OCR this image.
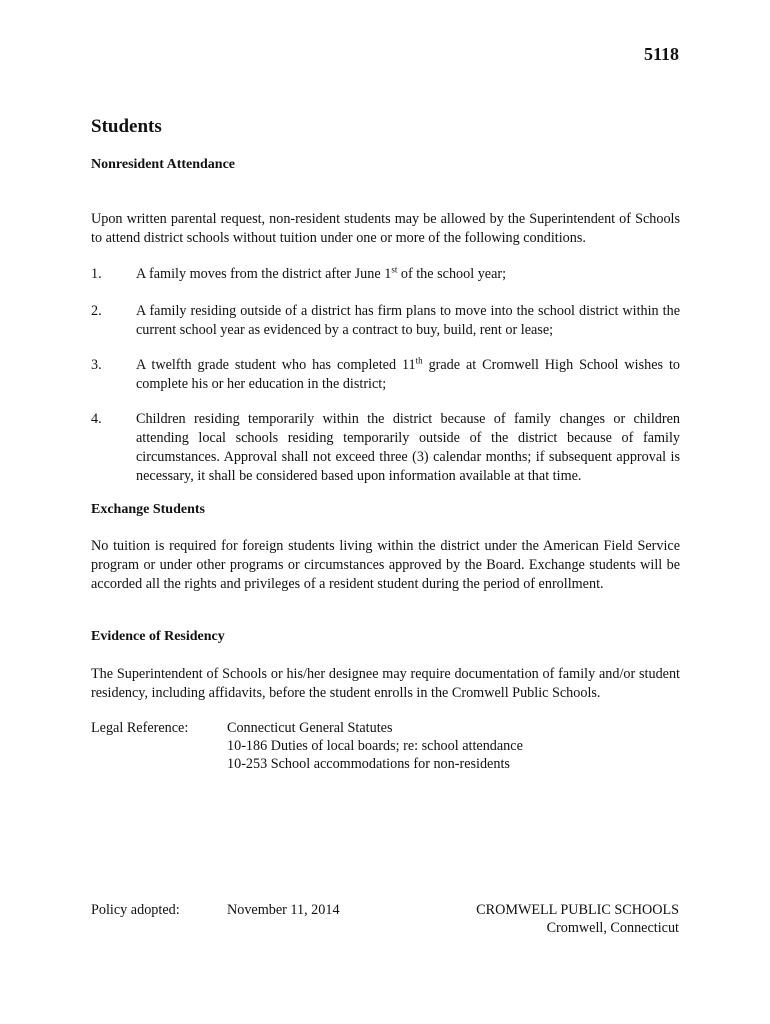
5118
Students
Nonresident Attendance
Upon written parental request, non-resident students may be allowed by the Superintendent of Schools to attend district schools without tuition under one or more of the following conditions.
1. A family moves from the district after June 1st of the school year;
2. A family residing outside of a district has firm plans to move into the school district within the current school year as evidenced by a contract to buy, build, rent or lease;
3. A twelfth grade student who has completed 11th grade at Cromwell High School wishes to complete his or her education in the district;
4. Children residing temporarily within the district because of family changes or children attending local schools residing temporarily outside of the district because of family circumstances. Approval shall not exceed three (3) calendar months; if subsequent approval is necessary, it shall be considered based upon information available at that time.
Exchange Students
No tuition is required for foreign students living within the district under the American Field Service program or under other programs or circumstances approved by the Board. Exchange students will be accorded all the rights and privileges of a resident student during the period of enrollment.
Evidence of Residency
The Superintendent of Schools or his/her designee may require documentation of family and/or student residency, including affidavits, before the student enrolls in the Cromwell Public Schools.
Legal Reference:	Connecticut General Statutes
10-186 Duties of local boards; re: school attendance
10-253 School accommodations for non-residents
Policy adopted:	November 11, 2014	CROMWELL PUBLIC SCHOOLS
Cromwell, Connecticut
